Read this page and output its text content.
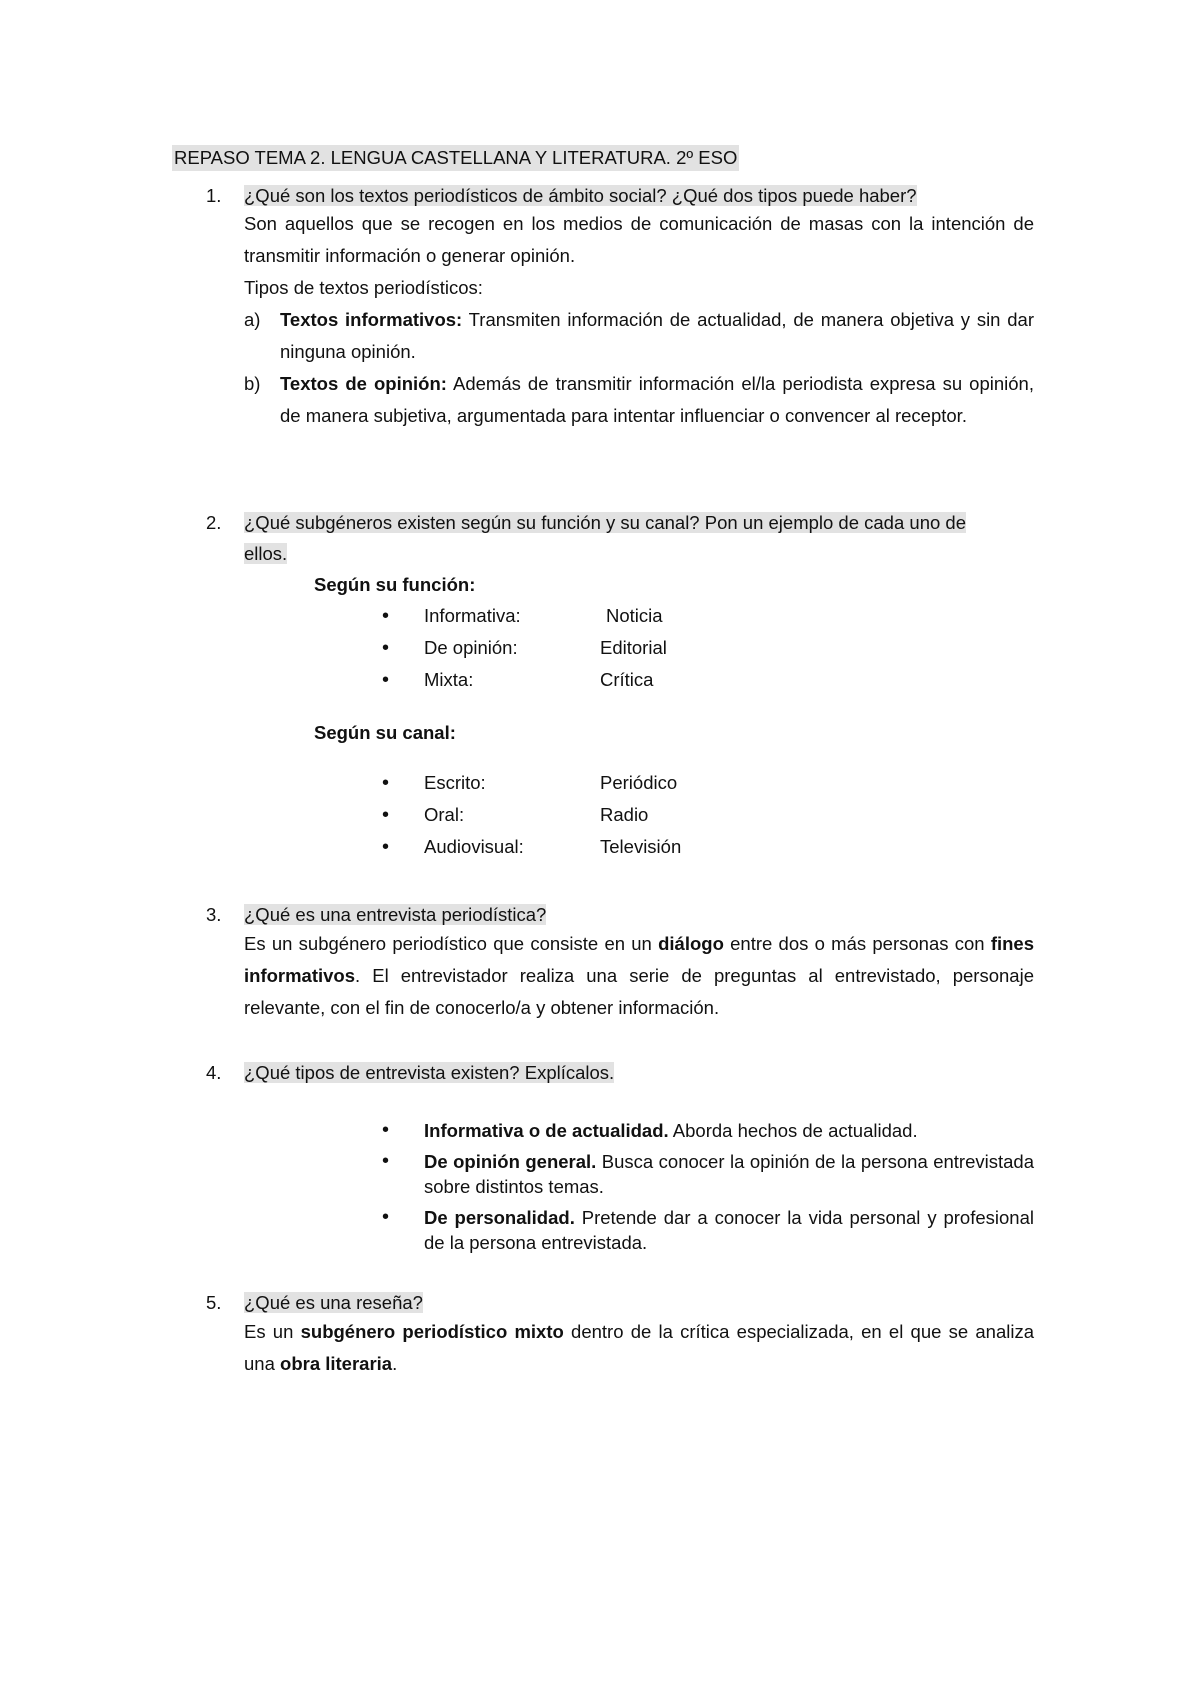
REPASO TEMA 2. LENGUA CASTELLANA Y LITERATURA. 2º ESO
1.	¿Qué son los textos periodísticos de ámbito social? ¿Qué dos tipos puede haber?

Son aquellos que se recogen en los medios de comunicación de masas con la intención de transmitir información o generar opinión.

Tipos de textos periodísticos:

a) Textos informativos: Transmiten información de actualidad, de manera objetiva y sin dar ninguna opinión.
b) Textos de opinión: Además de transmitir información el/la periodista expresa su opinión, de manera subjetiva, argumentada para intentar influenciar o convencer al receptor.
2.	¿Qué subgéneros existen según su función y su canal? Pon un ejemplo de cada uno de
ellos.
Según su función:
•	Informativa:	Noticia
•	De opinión:	Editorial
•	Mixta:	Crítica
Según su canal:
•	Escrito:	Periódico
•	Oral:	Radio
•	Audiovisual:	Televisión
3.	¿Qué es una entrevista periodística?
Es un subgénero periodístico que consiste en un diálogo entre dos o más personas con fines informativos. El entrevistador realiza una serie de preguntas al entrevistado, personaje relevante, con el fin de conocerlo/a y obtener información.
4.	¿Qué tipos de entrevista existen? Explícalos.
• Informativa o de actualidad. Aborda hechos de actualidad.
• De opinión general. Busca conocer la opinión de la persona entrevistada sobre distintos temas.
• De personalidad. Pretende dar a conocer la vida personal y profesional de la persona entrevistada.
5.	¿Qué es una reseña?
Es un subgénero periodístico mixto dentro de la crítica especializada, en el que se analiza una obra literaria.
